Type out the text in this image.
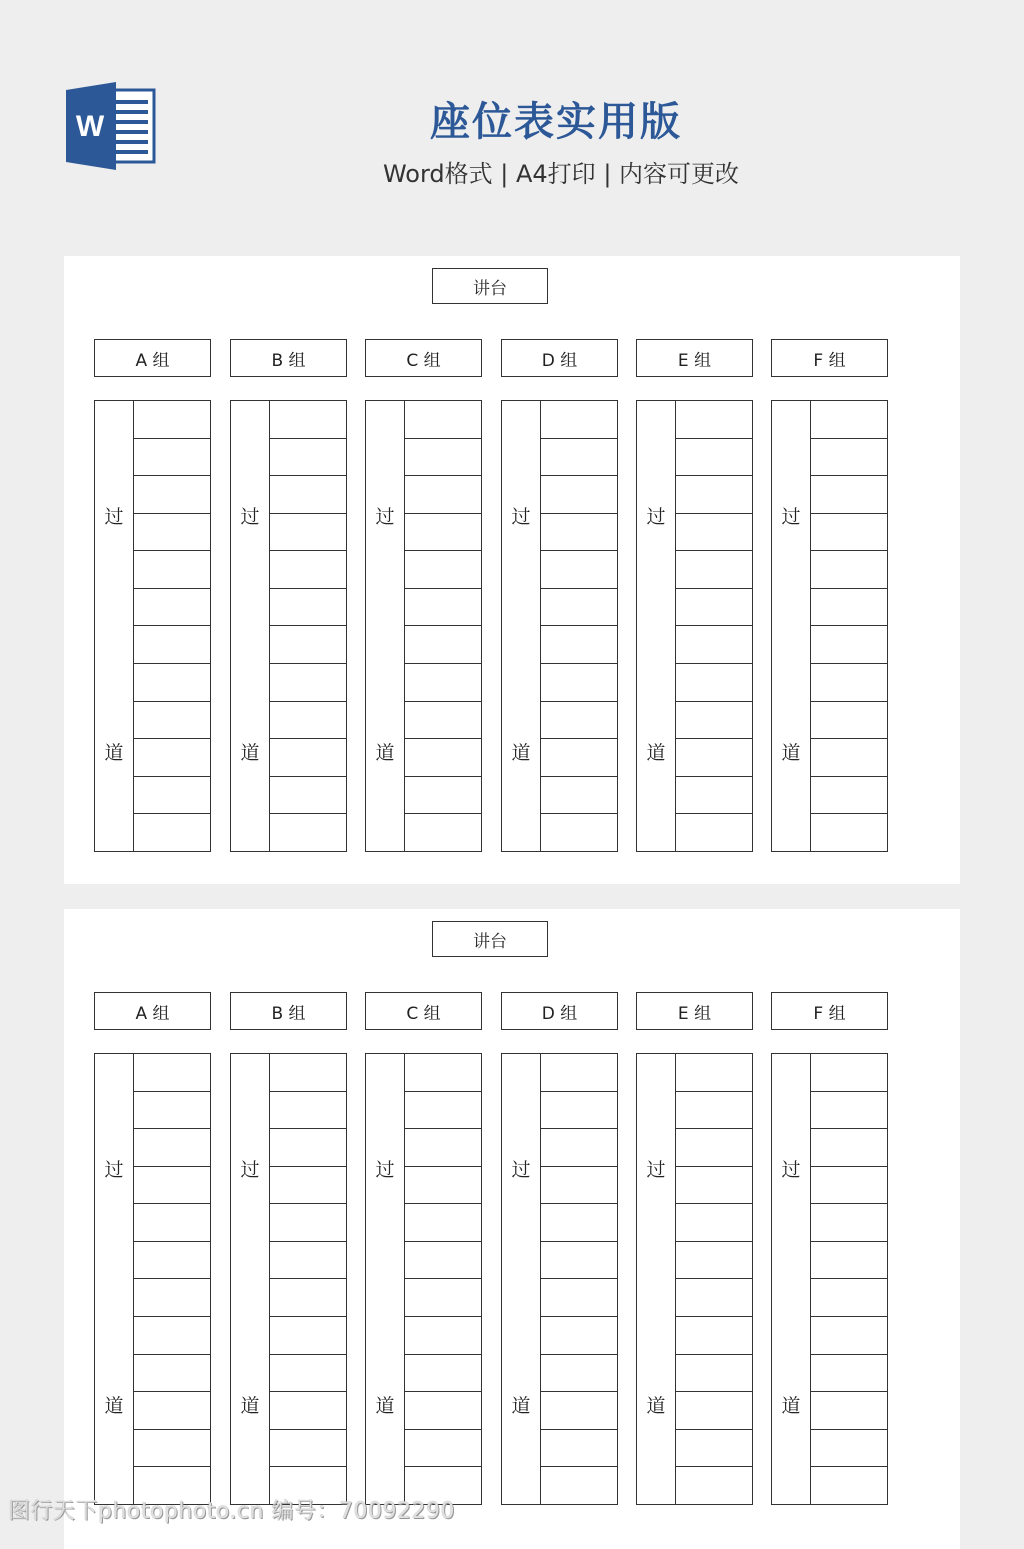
W	座位表实用版
Word格式 | A4打印 | 内容可更改
讲台
A 组
过
道
B 组
过
道
C 组
过
道
D 组
过
道
E 组
过
道
F 组
过
道
讲台
A 组
过
道
B 组
过
道
C 组
过
道
D 组
过
道
E 组
过
道
F 组
过
道
图行天下photophoto.cn 编号：70092290
